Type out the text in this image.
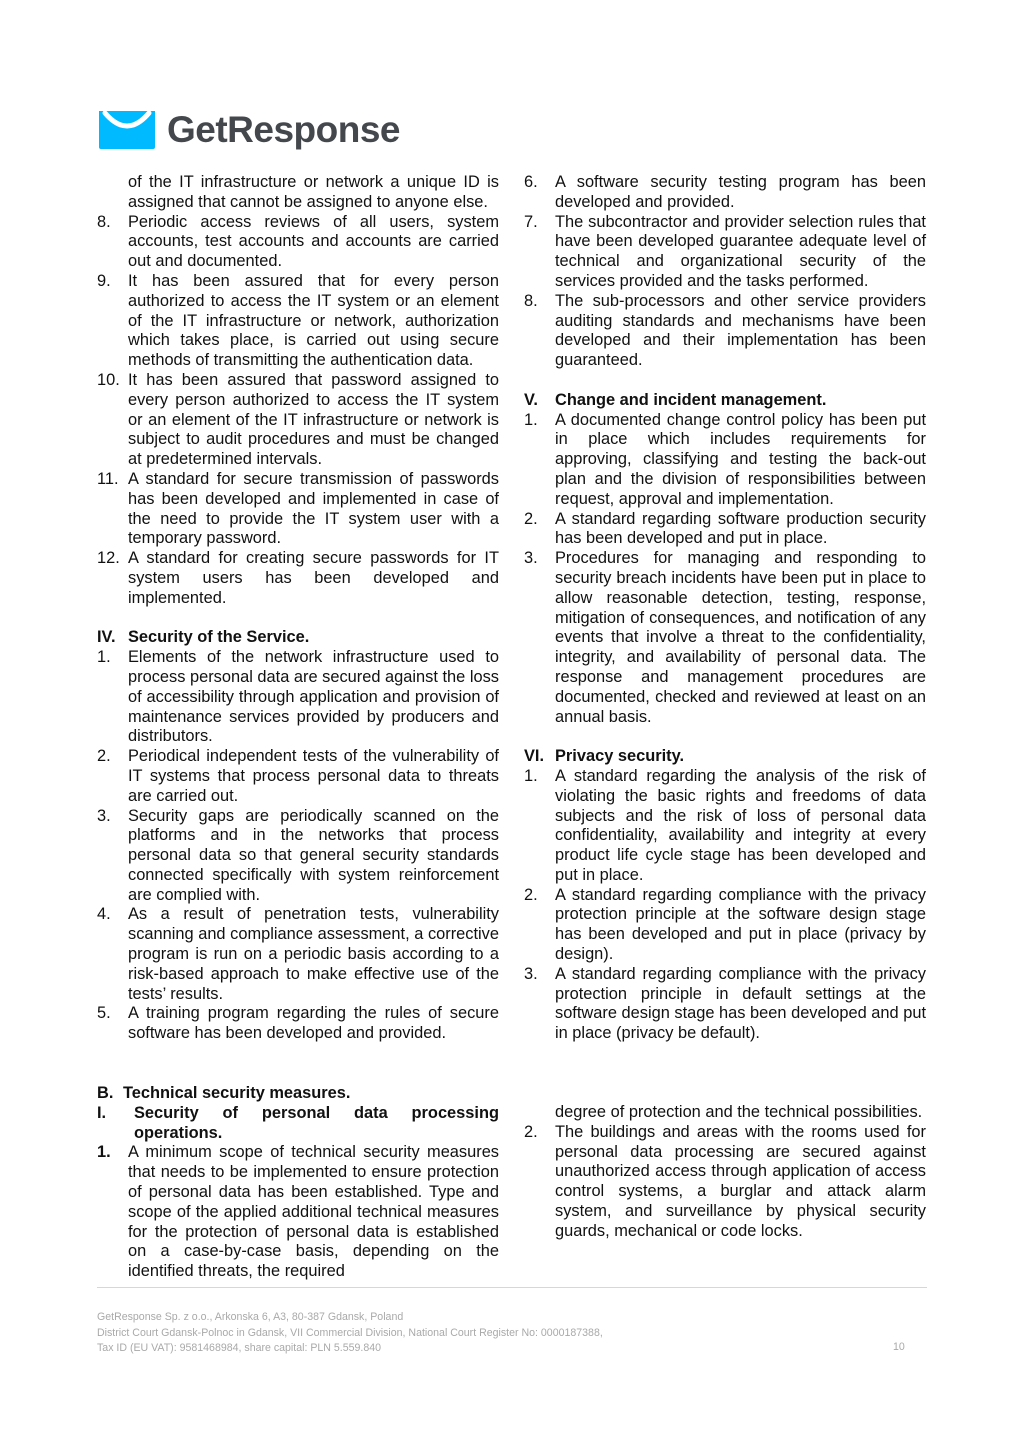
GetResponse
of the IT infrastructure or network a unique ID is assigned that cannot be assigned to anyone else.
8. Periodic access reviews of all users, system accounts, test accounts and accounts are carried out and documented.
9. It has been assured that for every person authorized to access the IT system or an element of the IT infrastructure or network, authorization which takes place, is carried out using secure methods of transmitting the authentication data.
10. It has been assured that password assigned to every person authorized to access the IT system or an element of the IT infrastructure or network is subject to audit procedures and must be changed at predetermined intervals.
11. A standard for secure transmission of passwords has been developed and implemented in case of the need to provide the IT system user with a temporary password.
12. A standard for creating secure passwords for IT system users has been developed and implemented.
IV. Security of the Service.
1. Elements of the network infrastructure used to process personal data are secured against the loss of accessibility through application and provision of maintenance services provided by producers and distributors.
2. Periodical independent tests of the vulnerability of IT systems that process personal data to threats are carried out.
3. Security gaps are periodically scanned on the platforms and in the networks that process personal data so that general security standards connected specifically with system reinforcement are complied with.
4. As a result of penetration tests, vulnerability scanning and compliance assessment, a corrective program is run on a periodic basis according to a risk-based approach to make effective use of the tests’ results.
5. A training program regarding the rules of secure software has been developed and provided.
6. A software security testing program has been developed and provided.
7. The subcontractor and provider selection rules that have been developed guarantee adequate level of technical and organizational security of the services provided and the tasks performed.
8. The sub-processors and other service providers auditing standards and mechanisms have been developed and their implementation has been guaranteed.
V. Change and incident management.
1. A documented change control policy has been put in place which includes requirements for approving, classifying and testing the back-out plan and the division of responsibilities between request, approval and implementation.
2. A standard regarding software production security has been developed and put in place.
3. Procedures for managing and responding to security breach incidents have been put in place to allow reasonable detection, testing, response, mitigation of consequences, and notification of any events that involve a threat to the confidentiality, integrity, and availability of personal data. The response and management procedures are documented, checked and reviewed at least on an annual basis.
VI. Privacy security.
1. A standard regarding the analysis of the risk of violating the basic rights and freedoms of data subjects and the risk of loss of personal data confidentiality, availability and integrity at every product life cycle stage has been developed and put in place.
2. A standard regarding compliance with the privacy protection principle at the software design stage has been developed and put in place (privacy by design).
3. A standard regarding compliance with the privacy protection principle in default settings at the software design stage has been developed and put in place (privacy be default).
B. Technical security measures.
I. Security of personal data processing operations.
1. A minimum scope of technical security measures that needs to be implemented to ensure protection of personal data has been established. Type and scope of the applied additional technical measures for the protection of personal data is established on a case-by-case basis, depending on the identified threats, the required
degree of protection and the technical possibilities.
2. The buildings and areas with the rooms used for personal data processing are secured against unauthorized access through application of access control systems, a burglar and attack alarm system, and surveillance by physical security guards, mechanical or code locks.
GetResponse Sp. z o.o., Arkonska 6, A3, 80-387 Gdansk, Poland
District Court Gdansk-Polnoc in Gdansk, VII Commercial Division, National Court Register No: 0000187388,
Tax ID (EU VAT): 9581468984, share capital: PLN 5.559.840	10
